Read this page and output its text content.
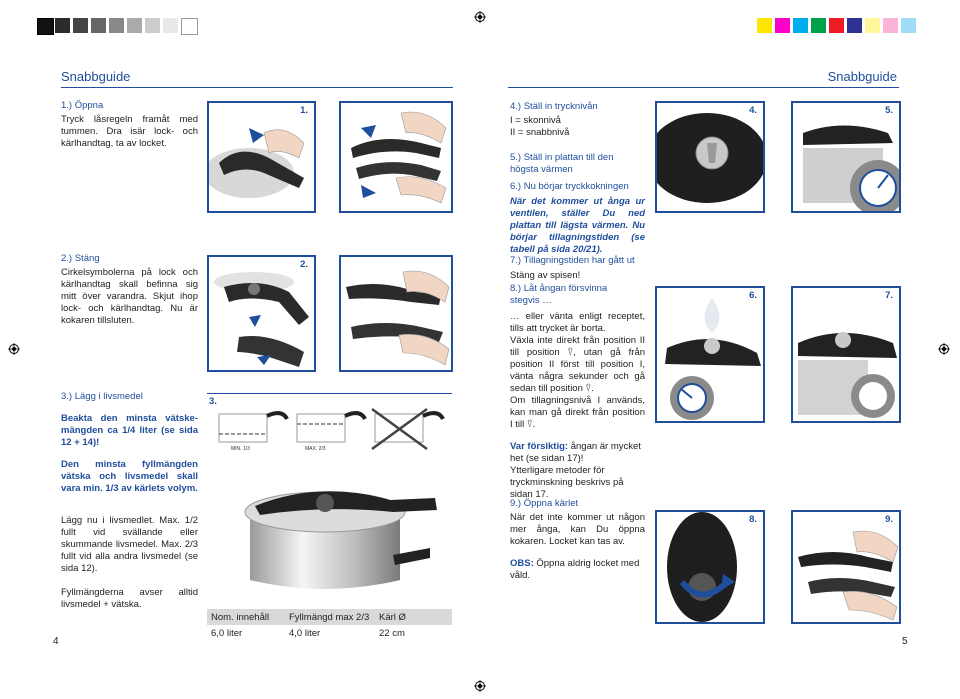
Snabbguide	Snabbguide
1.) Öppna
Tryck låsregeln framåt med tummen. Dra isär lock- och kärlhandtag, ta av locket.
2.) Stäng
Cirkelsymbolerna på lock och kärlhandtag skall befinna sig mitt över varandra. Skjut ihop lock- och kärlhandtag. Nu är kokaren tillsluten.
3.) Lägg i livsmedel
Beakta den minsta vätske-mängden ca 1/4 liter (se sida 12 + 14)!
Den minsta fyllmängden vätska och livsmedel skall vara min. 1/3 av kärlets volym.
Lägg nu i livsmedlet. Max. 1/2 fullt vid svällande eller skummande livsmedel. Max. 2/3 fullt vid alla andra livsmedel (se sida 12).
Fyllmängderna avser alltid livsmedel + vätska.
1.
2.
3.
MIN. 1/3	MAX. 2/3
Nom. innehåll	Fyllmängd max 2/3	Kärl Ø
6,0 liter	4,0 liter	22 cm
4	5
4.) Ställ in trycknivån
I = skonnivå
II = snabbnivå
5.) Ställ in plattan till den högsta värmen
6.) Nu börjar tryckkokningen
När det kommer ut ånga ur ventilen, ställer Du ned plattan till lägsta värmen. Nu börjar tillagningstiden (se tabell på sida 20/21).
7.) Tillagningstiden har gått ut
Stäng av spisen!
8.) Låt ångan försvinna stegvis …
… eller vänta enligt receptet, tills att trycket är borta.
Växla inte direkt från position II till position ⍢, utan gå från position II först till position I, vänta några sekunder och gå sedan till position ⍢.
Om tillagningsnivå I används, kan man gå direkt från position I till ⍢.
Var försiktig: ångan är mycket het (se sidan 17)!
Ytterligare metoder för tryckminskning beskrivs på sidan 17.
9.) Öppna kärlet
När det inte kommer ut någon mer ånga, kan Du öppna kokaren. Locket kan tas av.
OBS: Öppna aldrig locket med våld.
4.	5.
6.	7.
8.	9.
